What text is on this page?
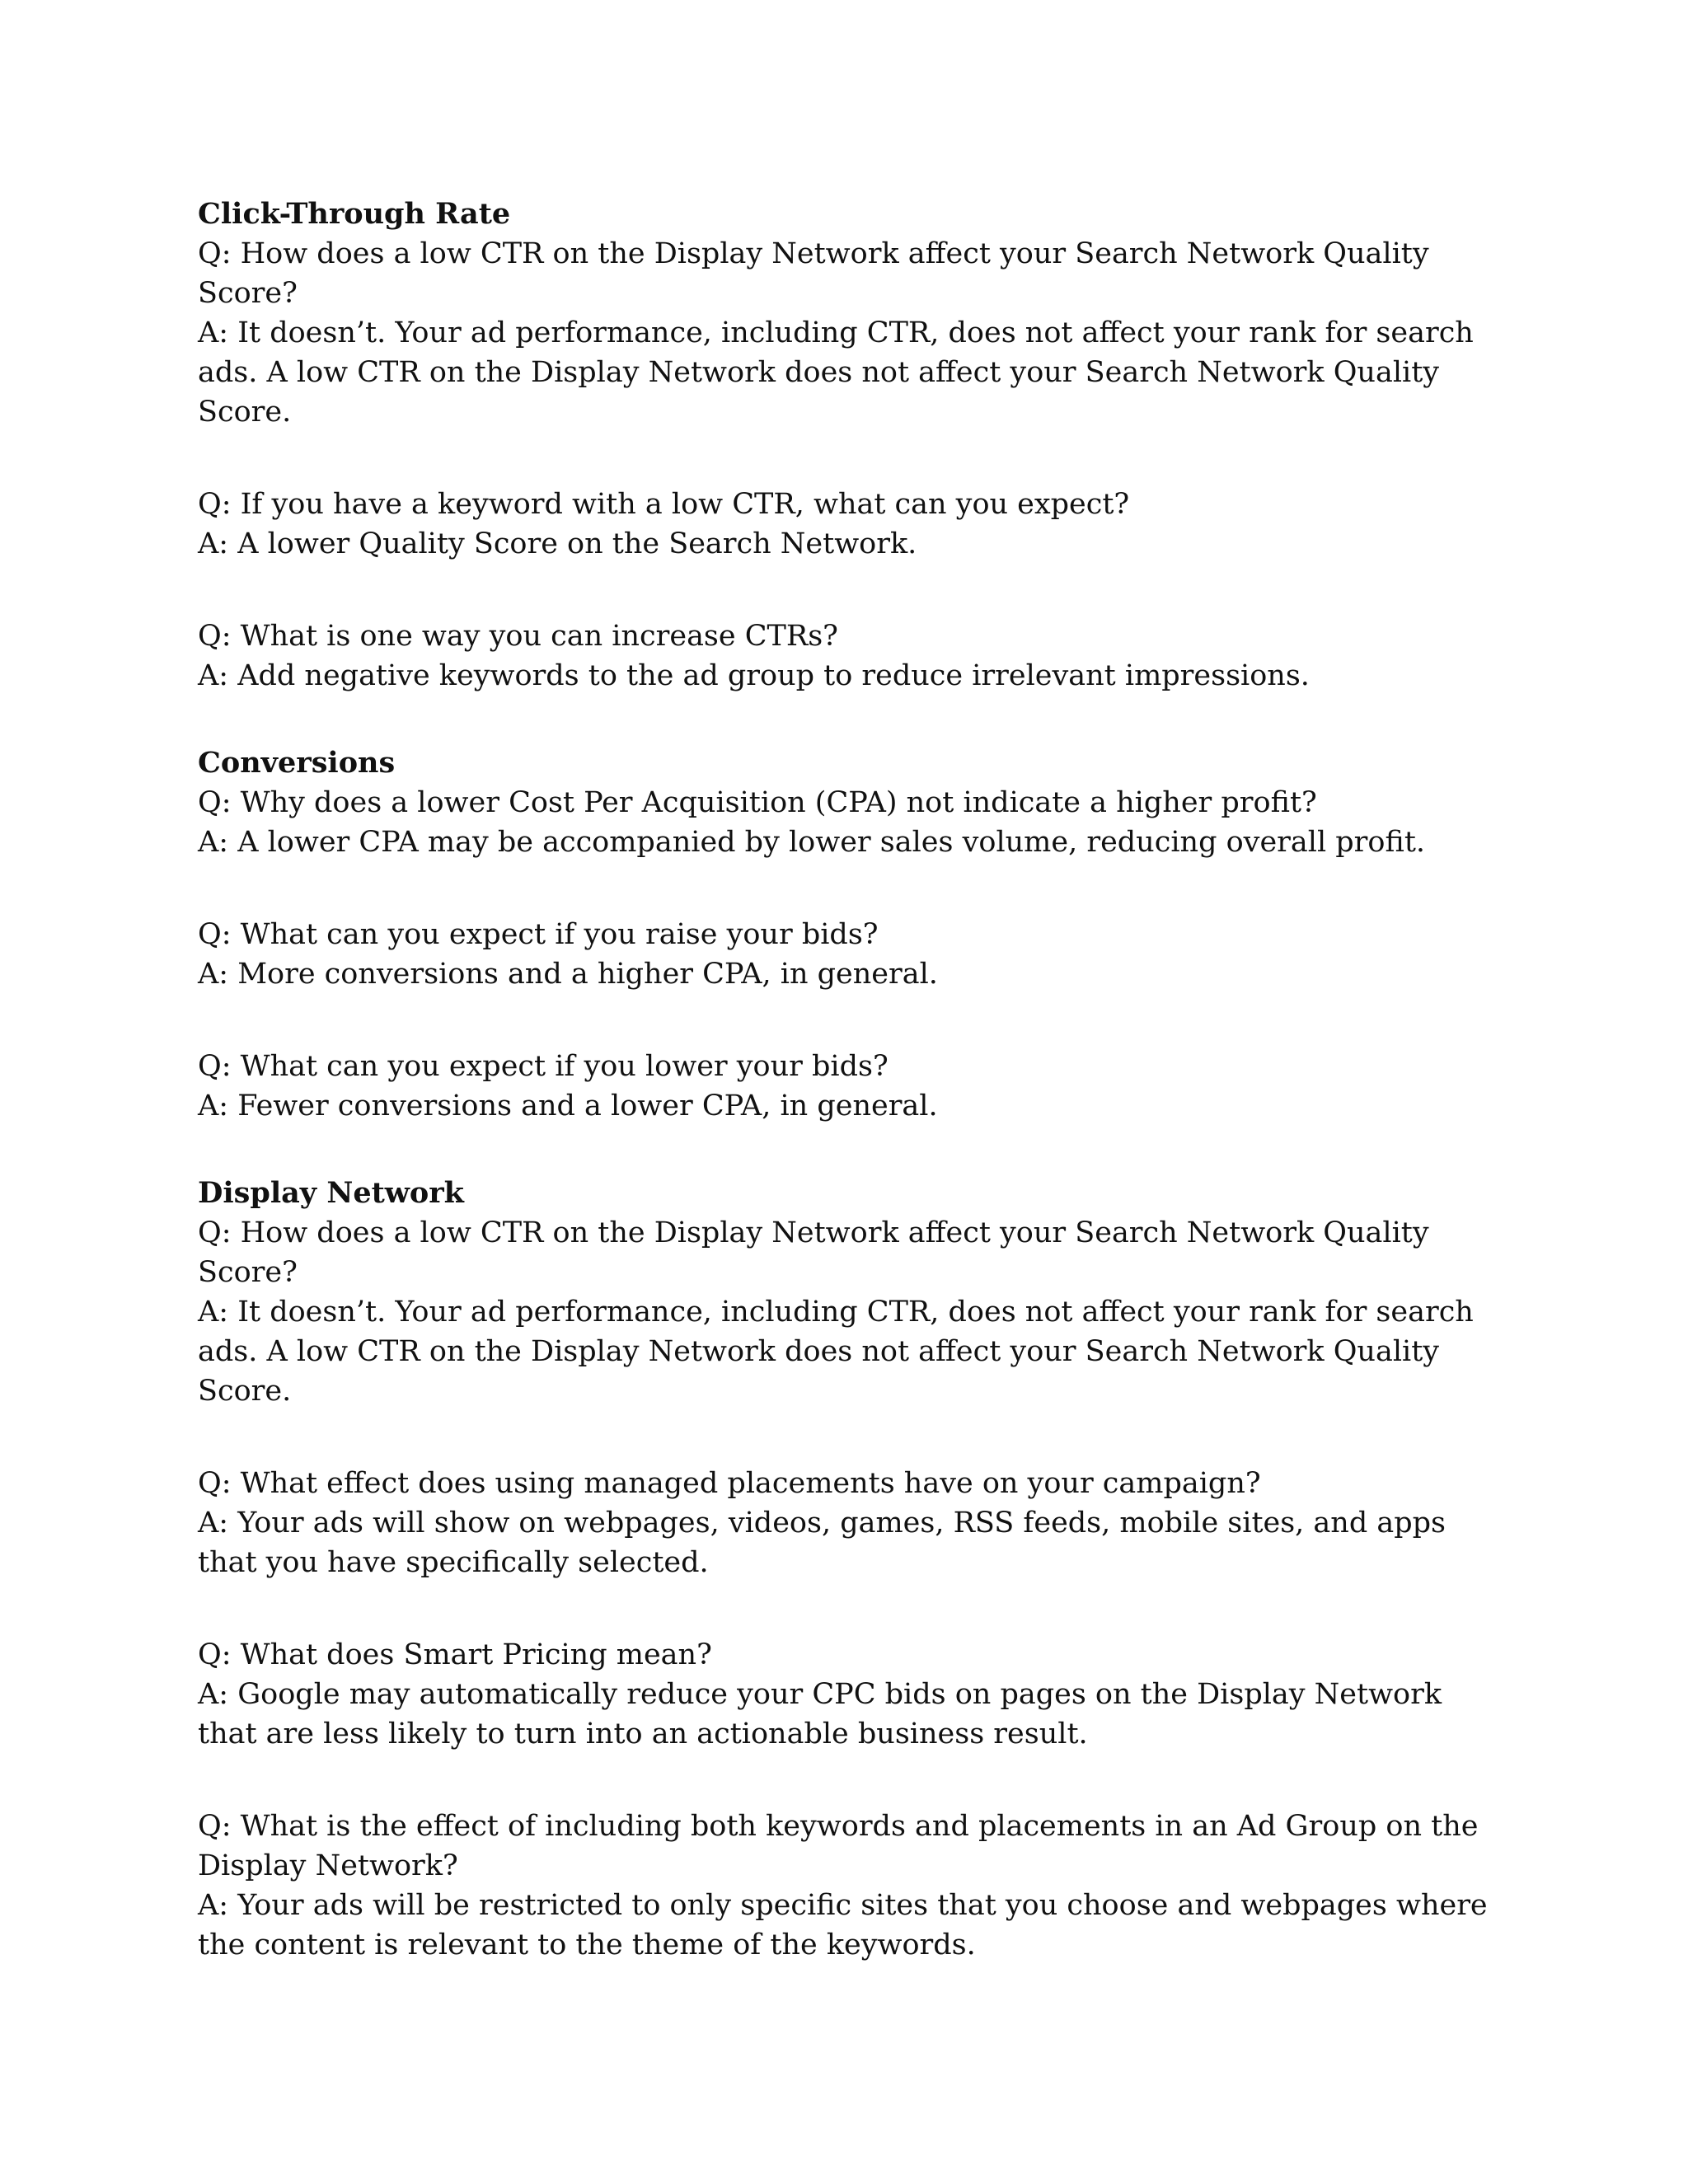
Click-Through Rate
Q: How does a low CTR on the Display Network affect your Search Network Quality Score?
A: It doesn’t. Your ad performance, including CTR, does not affect your rank for search ads. A low CTR on the Display Network does not affect your Search Network Quality Score.
Q: If you have a keyword with a low CTR, what can you expect?
A: A lower Quality Score on the Search Network.
Q: What is one way you can increase CTRs?
A: Add negative keywords to the ad group to reduce irrelevant impressions.
Conversions
Q: Why does a lower Cost Per Acquisition (CPA) not indicate a higher profit?
A: A lower CPA may be accompanied by lower sales volume, reducing overall profit.
Q: What can you expect if you raise your bids?
A: More conversions and a higher CPA, in general.
Q: What can you expect if you lower your bids?
A: Fewer conversions and a lower CPA, in general.
Display Network
Q: How does a low CTR on the Display Network affect your Search Network Quality Score?
A: It doesn’t. Your ad performance, including CTR, does not affect your rank for search ads. A low CTR on the Display Network does not affect your Search Network Quality Score.
Q: What effect does using managed placements have on your campaign?
A: Your ads will show on webpages, videos, games, RSS feeds, mobile sites, and apps that you have specifically selected.
Q: What does Smart Pricing mean?
A: Google may automatically reduce your CPC bids on pages on the Display Network that are less likely to turn into an actionable business result.
Q: What is the effect of including both keywords and placements in an Ad Group on the Display Network?
A: Your ads will be restricted to only specific sites that you choose and webpages where the content is relevant to the theme of the keywords.
